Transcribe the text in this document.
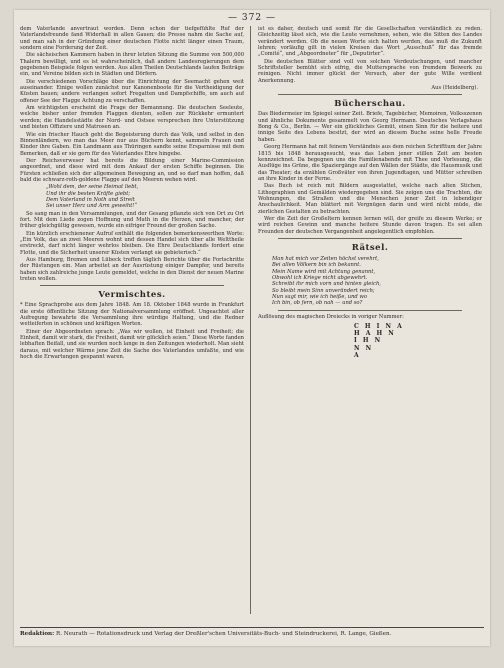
— 372 —

dem Vaterlande anvertraut worden. Denn schon der tiefgefühlte Ruf der Vaterlandsfreunde fand Widerhall in allen Gauen; die Presse nahm die Sache auf, und man sah in der Gründung einer deutschen Flotte nicht länger einen Traum, sondern eine Forderung der Zeit.

Die sächsischen Kammern haben in ihrer letzten Sitzung die Summe von 500,000 Thalern bewilligt, und es ist wahrscheinlich, daß andere Landesregierungen dem gegebenen Beispiele folgen werden. Aus allen Theilen Deutschlands laufen Beiträge ein, und Vereine bilden sich in Städten und Dörfern.

Die verschiedenen Vorschläge über die Einrichtung der Seemacht gehen weit auseinander. Einige wollen zunächst nur Kanonenboote für die Vertheidigung der Küsten bauen; andere verlangen sofort Fregatten und Dampfschiffe, um auch auf offener See der Flagge Achtung zu verschaffen.

Am wichtigsten erscheint die Frage der Bemannung. Die deutschen Seeleute, welche bisher unter fremden Flaggen dienten, sollen zur Rückkehr ermuntert werden; die Handelsstädte der Nord- und Ostsee versprechen ihre Unterstützung und bieten Offiziere und Matrosen an.

Wie ein frischer Hauch geht die Begeisterung durch das Volk, und selbst in den Binnenländern, wo man das Meer nur aus Büchern kennt, sammeln Frauen und Kinder ihre Gaben. Ein Landmann aus Thüringen sandte seine Ersparnisse mit dem Bemerken, daß er sie gern für des Vaterlandes Ehre hingebe.

Der Reichsverweser hat bereits die Bildung einer Marine-Commission angeordnet, und diese wird mit dem Ankauf der ersten Schiffe beginnen. Die Fürsten schließen sich der allgemeinen Bewegung an, und so darf man hoffen, daß bald die schwarz-roth-goldene Flagge auf den Meeren wehen wird.

„Wohl dem, der seine Heimat liebt,
Und ihr die besten Kräfte giebt;
Dem Vaterland in Noth und Streit
Sei unser Herz und Arm geweiht!“

So sang man in den Versammlungen, und der Gesang pflanzte sich von Ort zu Ort fort. Mit dem Liede zogen Hoffnung und Muth in die Herzen, und mancher, der früher gleichgültig gewesen, wurde ein eifriger Freund der großen Sache.

Ein kürzlich erschienener Aufruf enthält die folgenden bemerkenswerthen Worte: „Ein Volk, das an zwei Meeren wohnt und dessen Handel sich über alle Welttheile erstreckt, darf nicht länger wehrlos bleiben. Die Ehre Deutschlands fordert eine Flotte, und die Sicherheit unserer Küsten verlangt sie gebieterisch.“

Aus Hamburg, Bremen und Lübeck treffen täglich Berichte über die Fortschritte der Rüstungen ein. Man arbeitet an der Ausrüstung einiger Dampfer, und bereits haben sich zahlreiche junge Leute gemeldet, welche in den Dienst der neuen Marine treten wollen.

Vermischtes.

* Eine Sprachprobe aus dem Jahre 1848. Am 18. Oktober 1848 wurde in Frankfurt die erste öffentliche Sitzung der Nationalversammlung eröffnet. Ungeachtet aller Aufregung bewahrte die Versammlung ihre würdige Haltung, und die Redner wetteiferten in schönen und kräftigen Worten.

Einer der Abgeordneten sprach: „Was wir wollen, ist Einheit und Freiheit; die Einheit, damit wir stark, die Freiheit, damit wir glücklich seien.“ Diese Worte fanden lebhaften Beifall, und sie wurden noch lange in den Zeitungen wiederholt. Man sieht daraus, mit welcher Wärme jene Zeit die Sache des Vaterlandes umfaßte, und wie hoch die Erwartungen gespannt waren.

ist es daher, deutsch und somit für die Gesellschaften verständlich zu reden. Gleichzeitig lässt sich, wie die Leute vernehmen, sehen, wie die Sitten des Landes verändert werden. Ob die neuen Worte sich halten werden, das muß die Zukunft lehren; vorläufig gilt in vielen Kreisen das Wort „Ausschuß“ für das fremde „Comité“, und „Abgeordneter“ für „Deputirter“.

Die deutschen Blätter sind voll von solchen Verdeutschungen, und mancher Schriftsteller bemüht sich eifrig, die Muttersprache von fremdem Beiwerk zu reinigen. Nicht immer glückt der Versuch, aber der gute Wille verdient Anerkennung.

Aus (Heidelberg).
Bücherschau.

Das Biedermeier im Spiegel seiner Zeit. Briefe, Tagebücher, Memoiren, Volksszenen und ähnliche Dokumente gesammelt von Georg Hermann. Deutsches Verlagshaus Bong & Co., Berlin. — Wer ein glückliches Gemüt, einen Sinn für die heitere und innige Seite des Lebens besitzt, der wird an diesem Buche seine helle Freude haben.

Georg Hermann hat mit feinem Verständnis aus dem reichen Schrifttum der Jahre 1815 bis 1848 herausgesucht, was das Leben jener stillen Zeit am besten kennzeichnet. Da begegnen uns die Familienabende mit Thee und Vorlesung, die Ausflüge ins Grüne, die Spaziergänge auf den Wällen der Städte, die Hausmusik und das Theater; da erzählen Großväter von ihren Jugendtagen, und Mütter schreiben an ihre Kinder in der Ferne.

Das Buch ist reich mit Bildern ausgestattet, welche nach alten Stichen, Lithographien und Gemälden wiedergegeben sind. Sie zeigen uns die Trachten, die Wohnungen, die Straßen und die Menschen jener Zeit in lebendiger Anschaulichkeit. Man blättert mit Vergnügen darin und wird nicht müde, die zierlichen Gestalten zu betrachten.

Wer die Zeit der Großeltern kennen lernen will, der greife zu diesem Werke; er wird reichen Gewinn und manche heitere Stunde davon tragen. Es sei allen Freunden der deutschen Vergangenheit angelegentlich empfohlen.

Rätsel.
Man hat mich vor Zeiten höchst verehrt,
Bei allen Völkern bin ich bekannt.
Mein Name wird mit Achtung genannt,
Obwohl ich Kriege nicht abgewehrt.
Schreibt ihr mich vorn und hinten gleich,
So bleibt mein Sinn unverändert reich;
Nun sagt mir, wie ich heiße, und wo
Ich bin, ob fern, ob nah — und so?

Auflösung des magischen Dreiecks in voriger Nummer:

C H I N A
H A H N
I H N
N N
A
Redaktion: R. Neurath — Rotationsdruck und Verlag der Dreßler'schen Universitäts-Buch- und Steindruckerei, R. Lange, Gießen.
